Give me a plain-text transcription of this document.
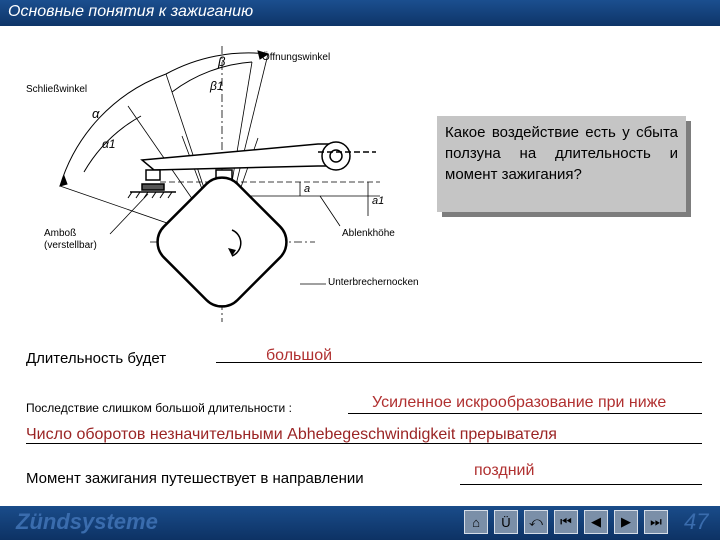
Основные понятия к зажиганию
Öffnungswinkel
Schließwinkel
Amboß
(verstellbar)
Ablenkhöhe
Unterbrechernocken
β
β1
α
α1
a
a1
Какое воздействие есть у сбыта ползуна на длительность и момент зажигания?
Длительность будет	большой
Последствие слишком большой длительности :	Усиленное искрообразование при ниже
Число оборотов незначительными Abhebegeschwindigkeit прерывателя
Момент зажигания путешествует в направлении	поздний
Zündsysteme	⌂ Ü ⤺ ⏮ ◀ ▶ ⏭ 47
